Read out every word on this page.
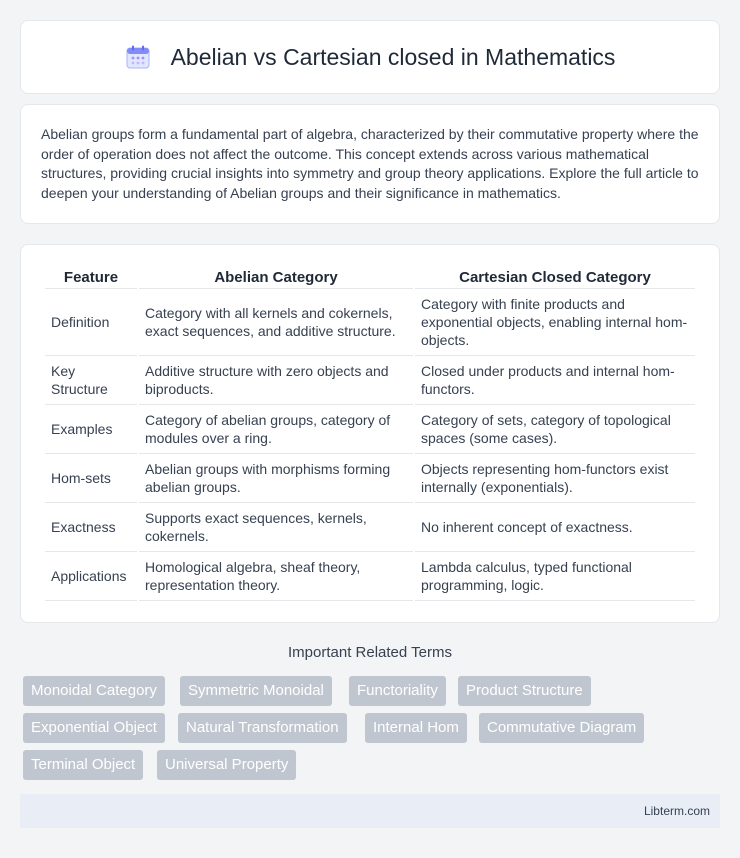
Abelian vs Cartesian closed in Mathematics

Abelian groups form a fundamental part of algebra, characterized by their commutative property where the order of operation does not affect the outcome. This concept extends across various mathematical structures, providing crucial insights into symmetry and group theory applications. Explore the full article to deepen your understanding of Abelian groups and their significance in mathematics.

Feature	Abelian Category	Cartesian Closed Category
Definition	Category with all kernels and cokernels, exact sequences, and additive structure.	Category with finite products and exponential objects, enabling internal hom-objects.
Key Structure	Additive structure with zero objects and biproducts.	Closed under products and internal hom-functors.
Examples	Category of abelian groups, category of modules over a ring.	Category of sets, category of topological spaces (some cases).
Hom-sets	Abelian groups with morphisms forming abelian groups.	Objects representing hom-functors exist internally (exponentials).
Exactness	Supports exact sequences, kernels, cokernels.	No inherent concept of exactness.
Applications	Homological algebra, sheaf theory, representation theory.	Lambda calculus, typed functional programming, logic.
Important Related Terms
Monoidal Category	Symmetric Monoidal	Functoriality	Product Structure
Exponential Object	Natural Transformation	Internal Hom	Commutative Diagram
Terminal Object	Universal Property
Libterm.com
